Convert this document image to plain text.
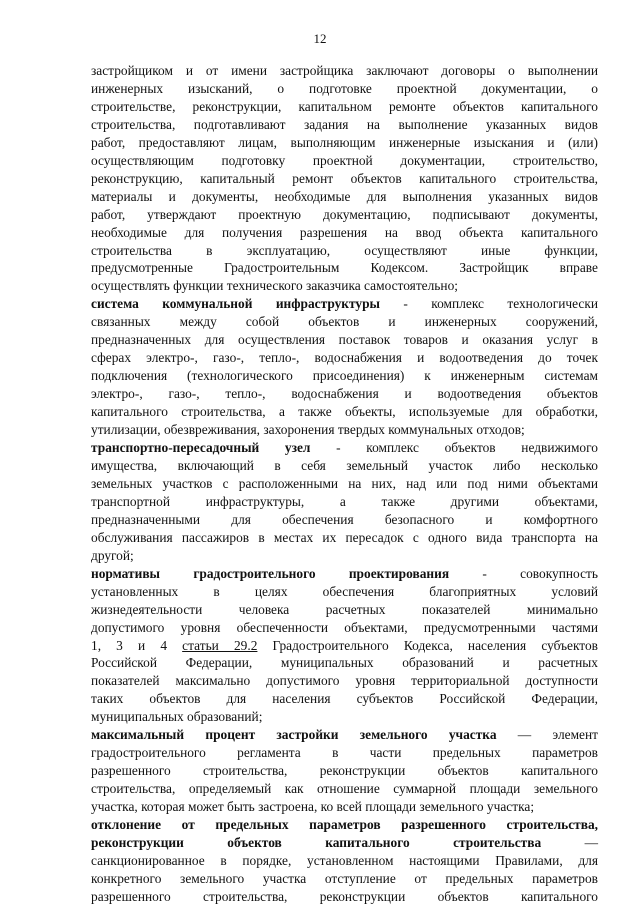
12

застройщиком и от имени застройщика заключают договоры о выполнении

инженерных изысканий, о подготовке проектной документации, о

строительстве, реконструкции, капитальном ремонте объектов капитального

строительства, подготавливают задания на выполнение указанных видов

работ, предоставляют лицам, выполняющим инженерные изыскания и (или)

осуществляющим подготовку проектной документации, строительство,

реконструкцию, капитальный ремонт объектов капитального строительства,

материалы и документы, необходимые для выполнения указанных видов

работ, утверждают проектную документацию, подписывают документы,

необходимые для получения разрешения на ввод объекта капитального

строительства в эксплуатацию, осуществляют иные функции,

предусмотренные Градостроительным Кодексом. Застройщик вправе

осуществлять функции технического заказчика самостоятельно;

система коммунальной инфраструктуры - комплекс технологически

связанных между собой объектов и инженерных сооружений,

предназначенных для осуществления поставок товаров и оказания услуг в

сферах электро-, газо-, тепло-, водоснабжения и водоотведения до точек

подключения (технологического присоединения) к инженерным системам

электро-, газо-, тепло-, водоснабжения и водоотведения объектов

капитального строительства, а также объекты, используемые для обработки,

утилизации, обезвреживания, захоронения твердых коммунальных отходов;

транспортно-пересадочный узел - комплекс объектов недвижимого

имущества, включающий в себя земельный участок либо несколько

земельных участков с расположенными на них, над или под ними объектами

транспортной инфраструктуры, а также другими объектами,

предназначенными для обеспечения безопасного и комфортного

обслуживания пассажиров в местах их пересадок с одного вида транспорта на

другой;

нормативы градостроительного проектирования - совокупность

установленных в целях обеспечения благоприятных условий

жизнедеятельности человека расчетных показателей минимально

допустимого уровня обеспеченности объектами, предусмотренными частями

1, 3 и 4 статьи 29.2 Градостроительного Кодекса, населения субъектов

Российской Федерации, муниципальных образований и расчетных

показателей максимально допустимого уровня территориальной доступности

таких объектов для населения субъектов Российской Федерации,

муниципальных образований;

максимальный процент застройки земельного участка — элемент

градостроительного регламента в части предельных параметров

разрешенного строительства, реконструкции объектов капитального

строительства, определяемый как отношение суммарной площади земельного

участка, которая может быть застроена, ко всей площади земельного участка;

отклонение от предельных параметров разрешенного строительства,

реконструкции объектов капитального строительства —

санкционированное в порядке, установленном настоящими Правилами, для

конкретного земельного участка отступление от предельных параметров

разрешенного строительства, реконструкции объектов капитального
